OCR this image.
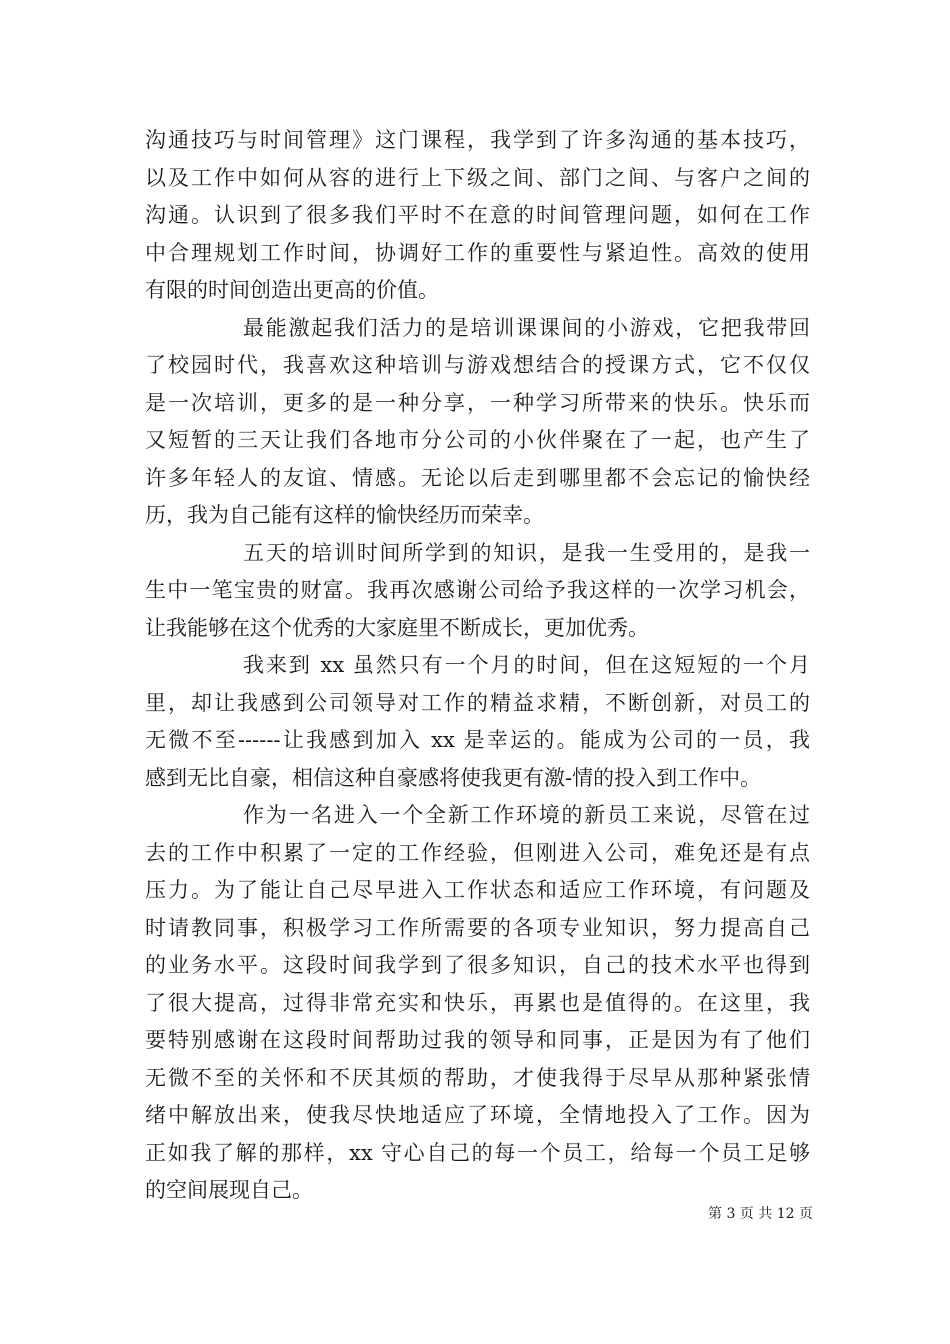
沟通技巧与时间管理》这门课程，我学到了许多沟通的基本技巧，
以及工作中如何从容的进行上下级之间、部门之间、与客户之间的
沟通。认识到了很多我们平时不在意的时间管理问题，如何在工作
中合理规划工作时间，协调好工作的重要性与紧迫性。高效的使用
有限的时间创造出更高的价值。
最能激起我们活力的是培训课课间的小游戏，它把我带回
了校园时代，我喜欢这种培训与游戏想结合的授课方式，它不仅仅
是一次培训，更多的是一种分享，一种学习所带来的快乐。快乐而
又短暂的三天让我们各地市分公司的小伙伴聚在了一起，也产生了
许多年轻人的友谊、情感。无论以后走到哪里都不会忘记的愉快经
历，我为自己能有这样的愉快经历而荣幸。
五天的培训时间所学到的知识，是我一生受用的，是我一
生中一笔宝贵的财富。我再次感谢公司给予我这样的一次学习机会，
让我能够在这个优秀的大家庭里不断成长，更加优秀。
我来到 xx 虽然只有一个月的时间，但在这短短的一个月
里，却让我感到公司领导对工作的精益求精，不断创新，对员工的
无微不至------让我感到加入 xx 是幸运的。能成为公司的一员，我
感到无比自豪，相信这种自豪感将使我更有激-情的投入到工作中。
作为一名进入一个全新工作环境的新员工来说，尽管在过
去的工作中积累了一定的工作经验，但刚进入公司，难免还是有点
压力。为了能让自己尽早进入工作状态和适应工作环境，有问题及
时请教同事，积极学习工作所需要的各项专业知识，努力提高自己
的业务水平。这段时间我学到了很多知识，自己的技术水平也得到
了很大提高，过得非常充实和快乐，再累也是值得的。在这里，我
要特别感谢在这段时间帮助过我的领导和同事，正是因为有了他们
无微不至的关怀和不厌其烦的帮助，才使我得于尽早从那种紧张情
绪中解放出来，使我尽快地适应了环境，全情地投入了工作。因为
正如我了解的那样，xx 守心自己的每一个员工，给每一个员工足够
的空间展现自己。
第 3 页 共 12 页
